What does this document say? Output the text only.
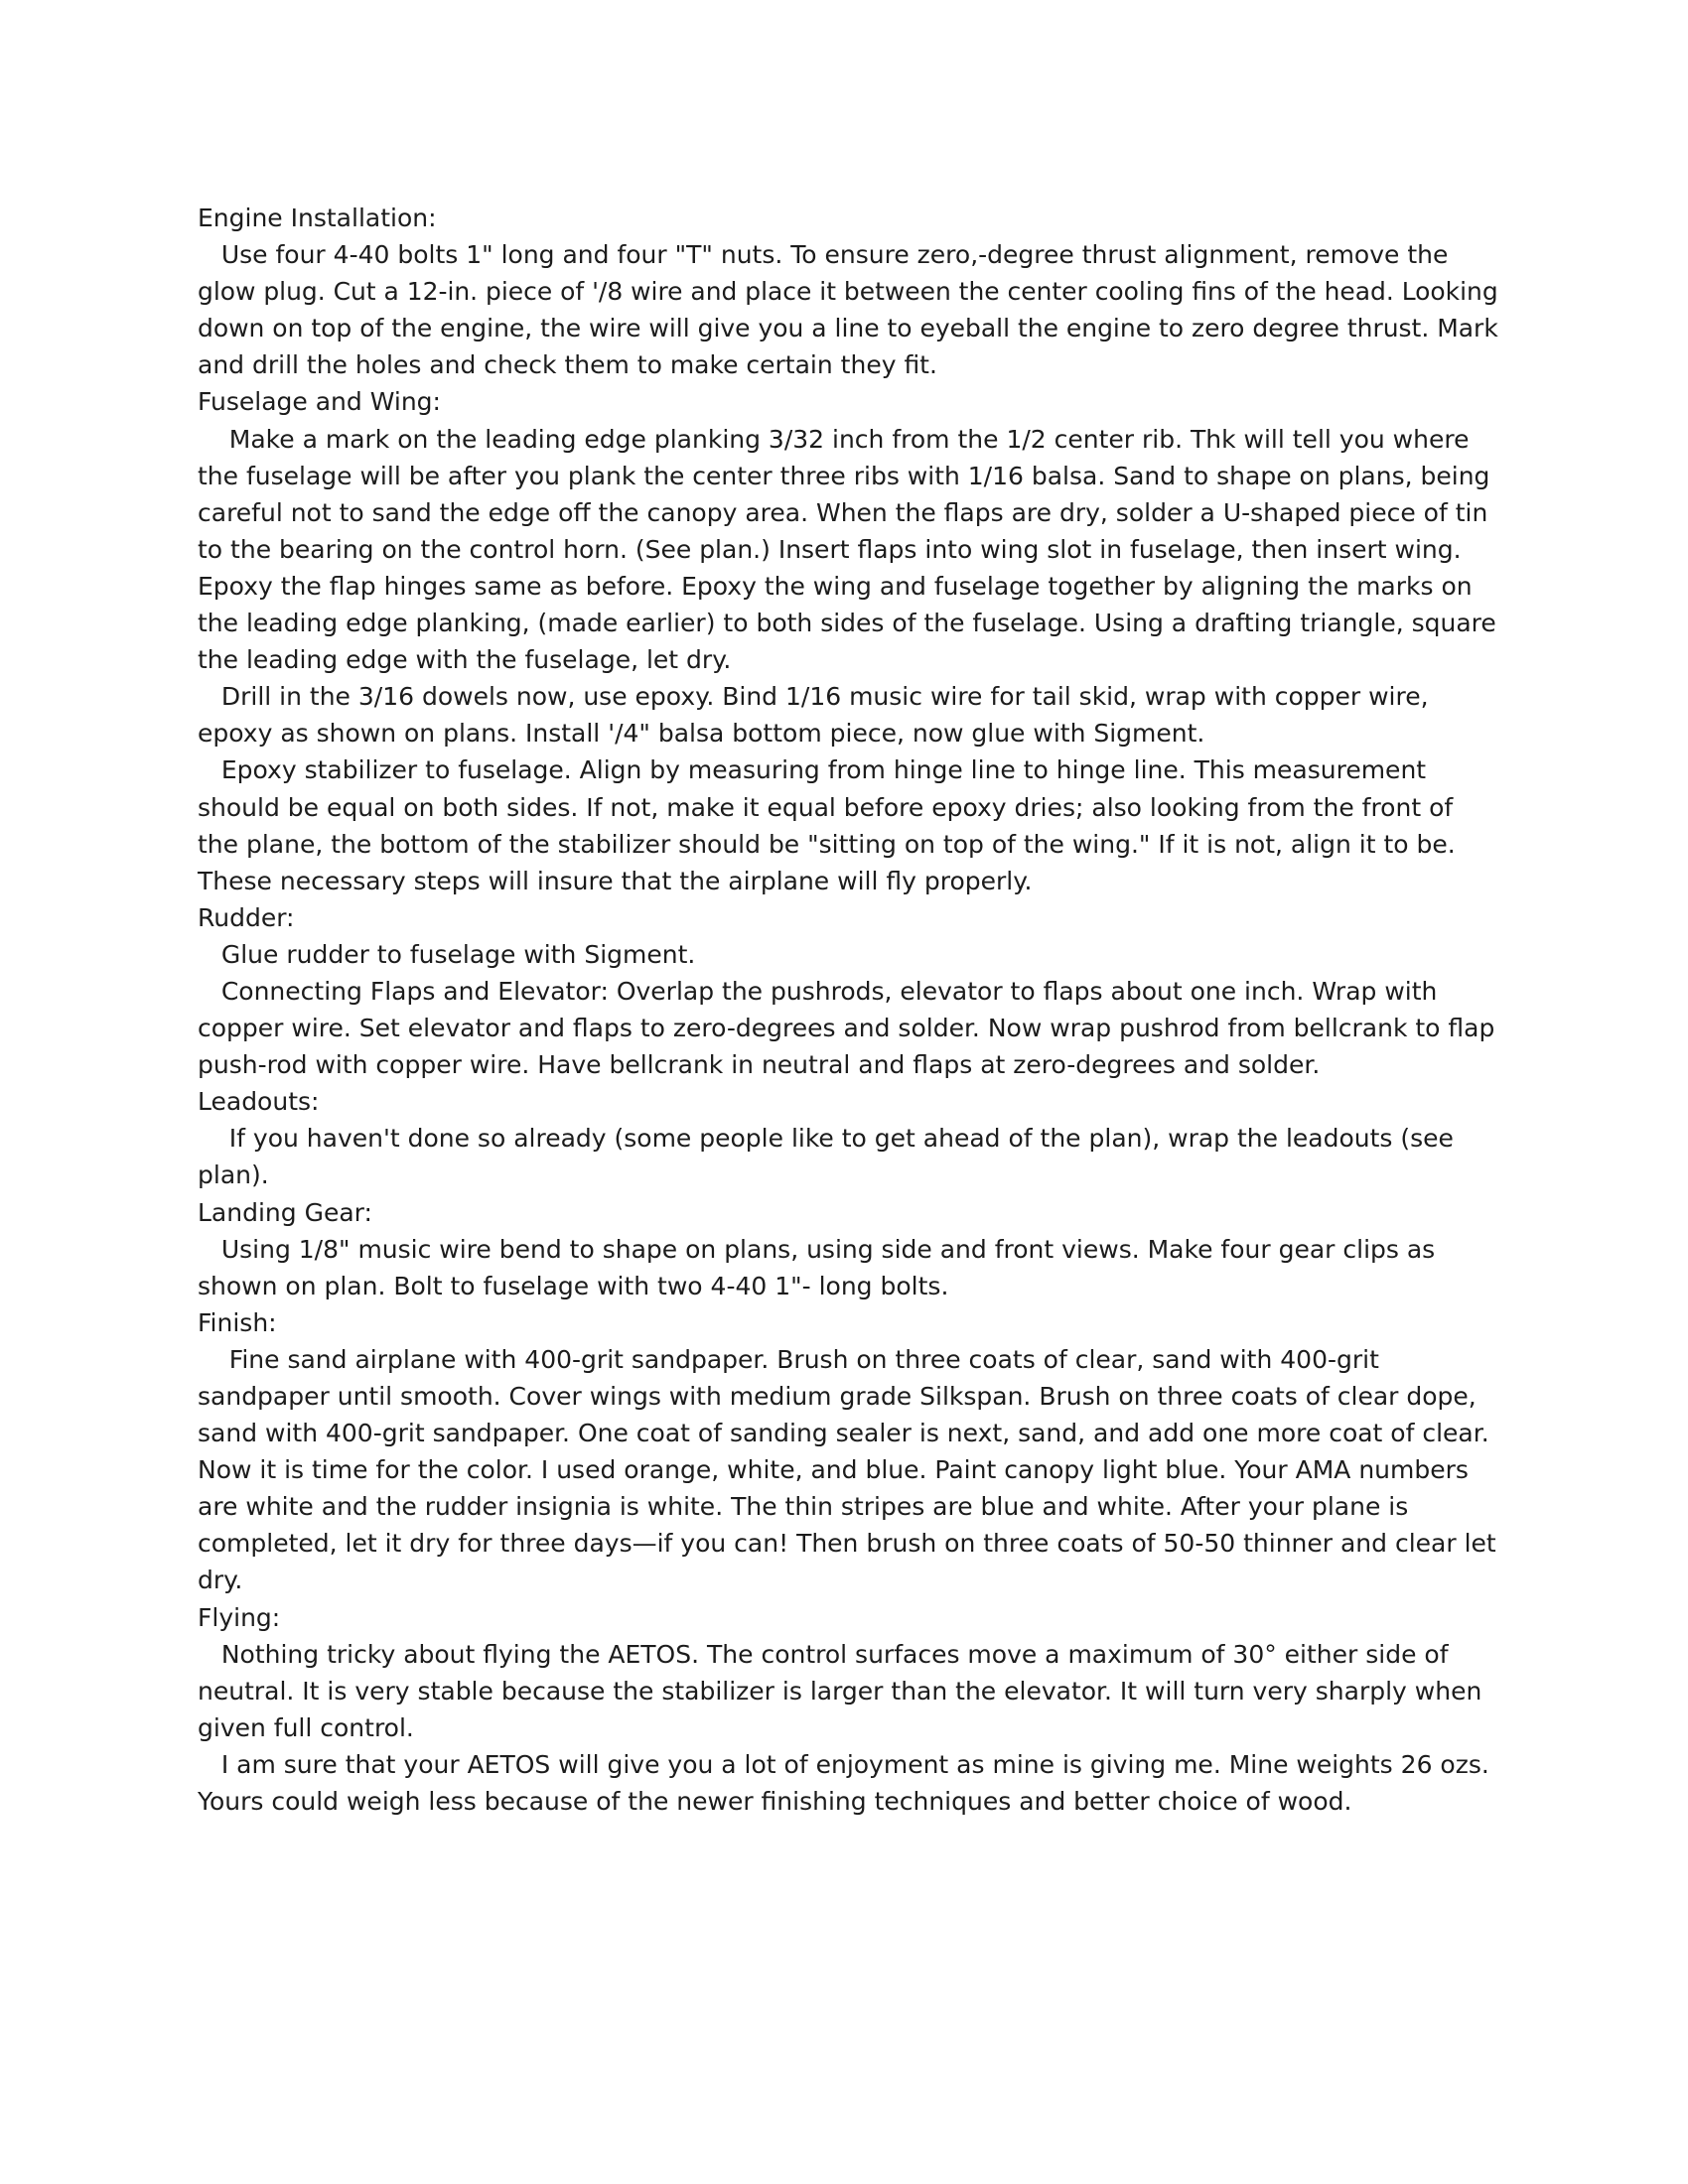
Engine Installation:
Use four 4-40 bolts 1" long and four "T" nuts. To ensure zero,-degree thrust alignment, remove the
glow plug. Cut a 12-in. piece of '/8 wire and place it between the center cooling fins of the head. Looking
down on top of the engine, the wire will give you a line to eyeball the engine to zero degree thrust. Mark
and drill the holes and check them to make certain they fit.
Fuselage and Wing:
Make a mark on the leading edge planking 3/32 inch from the 1/2 center rib. Thk will tell you where
the fuselage will be after you plank the center three ribs with 1/16 balsa. Sand to shape on plans, being
careful not to sand the edge off the canopy area. When the flaps are dry, solder a U-shaped piece of tin
to the bearing on the control horn. (See plan.) Insert flaps into wing slot in fuselage, then insert wing.
Epoxy the flap hinges same as before. Epoxy the wing and fuselage together by aligning the marks on
the leading edge planking, (made earlier) to both sides of the fuselage. Using a drafting triangle, square
the leading edge with the fuselage, let dry.
Drill in the 3/16 dowels now, use epoxy. Bind 1/16 music wire for tail skid, wrap with copper wire,
epoxy as shown on plans. Install '/4" balsa bottom piece, now glue with Sigment.
Epoxy stabilizer to fuselage. Align by measuring from hinge line to hinge line. This measurement
should be equal on both sides. If not, make it equal before epoxy dries; also looking from the front of
the plane, the bottom of the stabilizer should be "sitting on top of the wing." If it is not, align it to be.
These necessary steps will insure that the airplane will fly properly.
Rudder:
Glue rudder to fuselage with Sigment.
Connecting Flaps and Elevator: Overlap the pushrods, elevator to flaps about one inch. Wrap with
copper wire. Set elevator and flaps to zero-degrees and solder. Now wrap pushrod from bellcrank to flap
push-rod with copper wire. Have bellcrank in neutral and flaps at zero-degrees and solder.
Leadouts:
If you haven't done so already (some people like to get ahead of the plan), wrap the leadouts (see
plan).
Landing Gear:
Using 1/8" music wire bend to shape on plans, using side and front views. Make four gear clips as
shown on plan. Bolt to fuselage with two 4-40 1"- long bolts.
Finish:
Fine sand airplane with 400-grit sandpaper. Brush on three coats of clear, sand with 400-grit
sandpaper until smooth. Cover wings with medium grade Silkspan. Brush on three coats of clear dope,
sand with 400-grit sandpaper. One coat of sanding sealer is next, sand, and add one more coat of clear.
Now it is time for the color. I used orange, white, and blue. Paint canopy light blue. Your AMA numbers
are white and the rudder insignia is white. The thin stripes are blue and white. After your plane is
completed, let it dry for three days—if you can! Then brush on three coats of 50-50 thinner and clear let
dry.
Flying:
Nothing tricky about flying the AETOS. The control surfaces move a maximum of 30° either side of
neutral. It is very stable because the stabilizer is larger than the elevator. It will turn very sharply when
given full control.
I am sure that your AETOS will give you a lot of enjoyment as mine is giving me. Mine weights 26 ozs.
Yours could weigh less because of the newer finishing techniques and better choice of wood.
